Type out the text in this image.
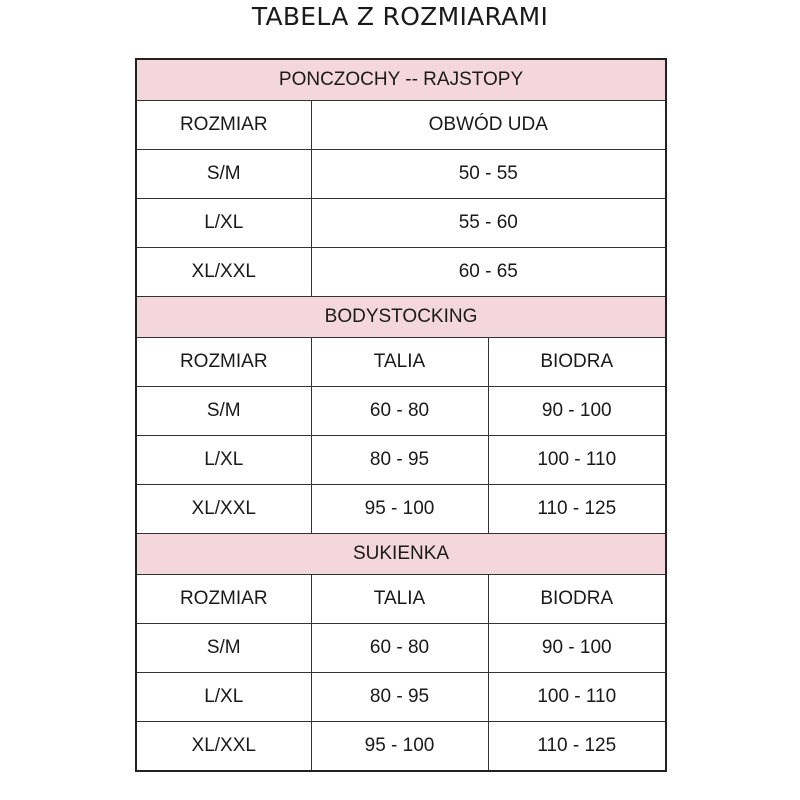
TABELA Z ROZMIARAMI
PONCZOCHY -- RAJSTOPY		
ROZMIAR	OBWÓD UDA	
S/M	50 - 55	
L/XL	55 - 60	
XL/XXL	60 - 65	
BODYSTOCKING		
ROZMIAR	TALIA	BIODRA
S/M	60 - 80	90 - 100
L/XL	80 - 95	100 - 110
XL/XXL	95 - 100	110 - 125
SUKIENKA		
ROZMIAR	TALIA	BIODRA
S/M	60 - 80	90 - 100
L/XL	80 - 95	100 - 110
XL/XXL	95 - 100	110 - 125
